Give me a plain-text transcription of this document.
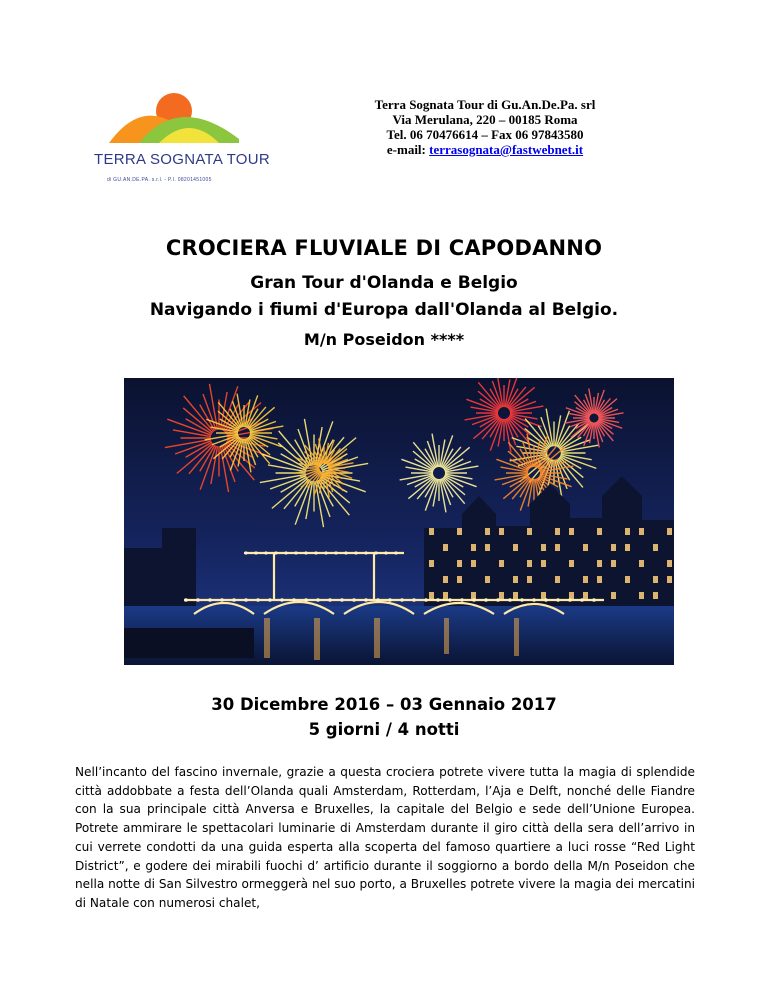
TERRA SOGNATA TOUR
di GU.AN.DE.PA. s.r.l. - P.I. 08201451005
Terra Sognata Tour di Gu.An.De.Pa. srl
Via Merulana, 220 – 00185 Roma
Tel. 06 70476614 – Fax 06 97843580
e-mail: terrasognata@fastwebnet.it
CROCIERA FLUVIALE DI CAPODANNO
Gran Tour d'Olanda e Belgio
Navigando i fiumi d'Europa dall'Olanda al Belgio.
M/n Poseidon ****
30 Dicembre 2016 – 03 Gennaio 2017
5 giorni / 4 notti
Nell’incanto del fascino invernale, grazie a questa crociera potrete vivere tutta la magia di splendide città addobbate a festa dell’Olanda quali Amsterdam, Rotterdam, l’Aja e Delft, nonché delle Fiandre con la sua principale città Anversa e Bruxelles, la capitale del Belgio e sede dell’Unione Europea. Potrete ammirare le spettacolari luminarie di Amsterdam durante il giro città della sera dell’arrivo in cui verrete condotti da una guida esperta alla scoperta del famoso quartiere a luci rosse “Red Light District”, e godere dei mirabili fuochi d’ artificio durante il soggiorno a bordo della M/n Poseidon che nella notte di San Silvestro ormeggerà nel suo porto, a Bruxelles potrete vivere la magia dei mercatini di Natale con numerosi chalet,
